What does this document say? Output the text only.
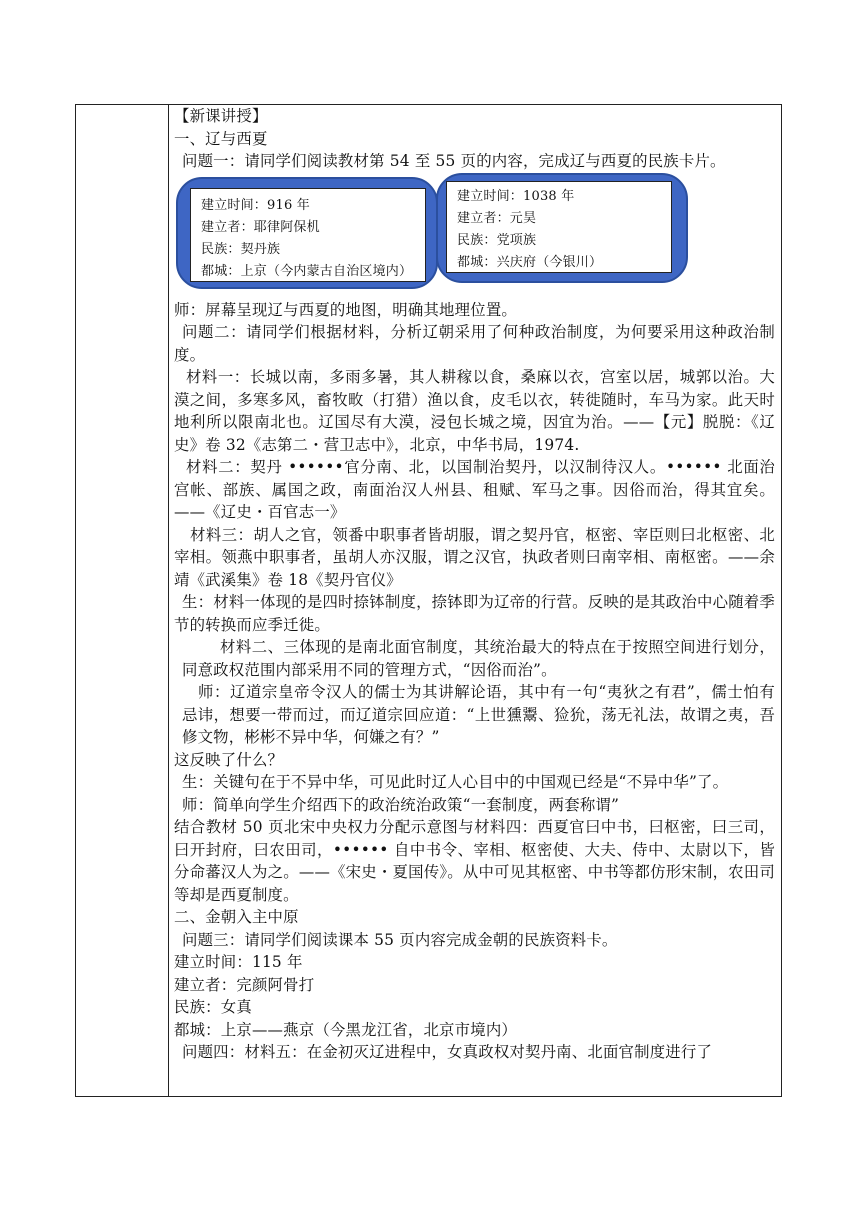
【新课讲授】
一、辽与西夏
问题一：请同学们阅读教材第 54 至 55 页的内容，完成辽与西夏的民族卡片。
建立时间：916 年
建立者：耶律阿保机
民族：契丹族
都城：上京（今内蒙古自治区境内）
建立时间：1038 年
建立者：元昊
民族：党项族
都城：兴庆府（今银川）
师：屏幕呈现辽与西夏的地图，明确其地理位置。
问题二：请同学们根据材料，分析辽朝采用了何种政治制度，为何要采用这种政治制度。
材料一：长城以南，多雨多暑，其人耕稼以食，桑麻以衣，宫室以居，城郭以治。大漠之间，多寒多风，畜牧畋（打猎）渔以食，皮毛以衣，转徙随时，车马为家。此天时地利所以限南北也。辽国尽有大漠，浸包长城之境，因宜为治。——【元】脱脱：《辽史》卷 32《志第二・营卫志中》，北京，中华书局，1974.
材料二：契丹 ••••••官分南、北，以国制治契丹，以汉制待汉人。•••••• 北面治宫帐、部族、属国之政，南面治汉人州县、租赋、军马之事。因俗而治，得其宜矣。——《辽史・百官志一》
材料三：胡人之官，领番中职事者皆胡服，谓之契丹官，枢密、宰臣则曰北枢密、北宰相。领燕中职事者，虽胡人亦汉服，谓之汉官，执政者则曰南宰相、南枢密。——余靖《武溪集》卷 18《契丹官仪》
生：材料一体现的是四时捺钵制度，捺钵即为辽帝的行营。反映的是其政治中心随着季节的转换而应季迁徙。
材料二、三体现的是南北面官制度，其统治最大的特点在于按照空间进行划分，同意政权范围内部采用不同的管理方式，“因俗而治”。
师：辽道宗皇帝令汉人的儒士为其讲解论语，其中有一句“夷狄之有君”，儒士怕有忌讳，想要一带而过，而辽道宗回应道：“上世獯鬻、猃狁，荡无礼法，故谓之夷，吾修文物，彬彬不异中华，何嫌之有？”
这反映了什么？
生：关键句在于不异中华，可见此时辽人心目中的中国观已经是“不异中华”了。
师：简单向学生介绍西下的政治统治政策“一套制度，两套称谓”
结合教材 50 页北宋中央权力分配示意图与材料四：西夏官曰中书，曰枢密，曰三司，曰开封府，曰农田司，•••••• 自中书令、宰相、枢密使、大夫、侍中、太尉以下，皆分命蕃汉人为之。——《宋史・夏国传》。从中可见其枢密、中书等都仿形宋制，农田司等却是西夏制度。
二、金朝入主中原
问题三：请同学们阅读课本 55 页内容完成金朝的民族资料卡。
建立时间：115 年
建立者：完颜阿骨打
民族：女真
都城：上京——燕京（今黑龙江省，北京市境内）
问题四：材料五：在金初灭辽进程中，女真政权对契丹南、北面官制度进行了
